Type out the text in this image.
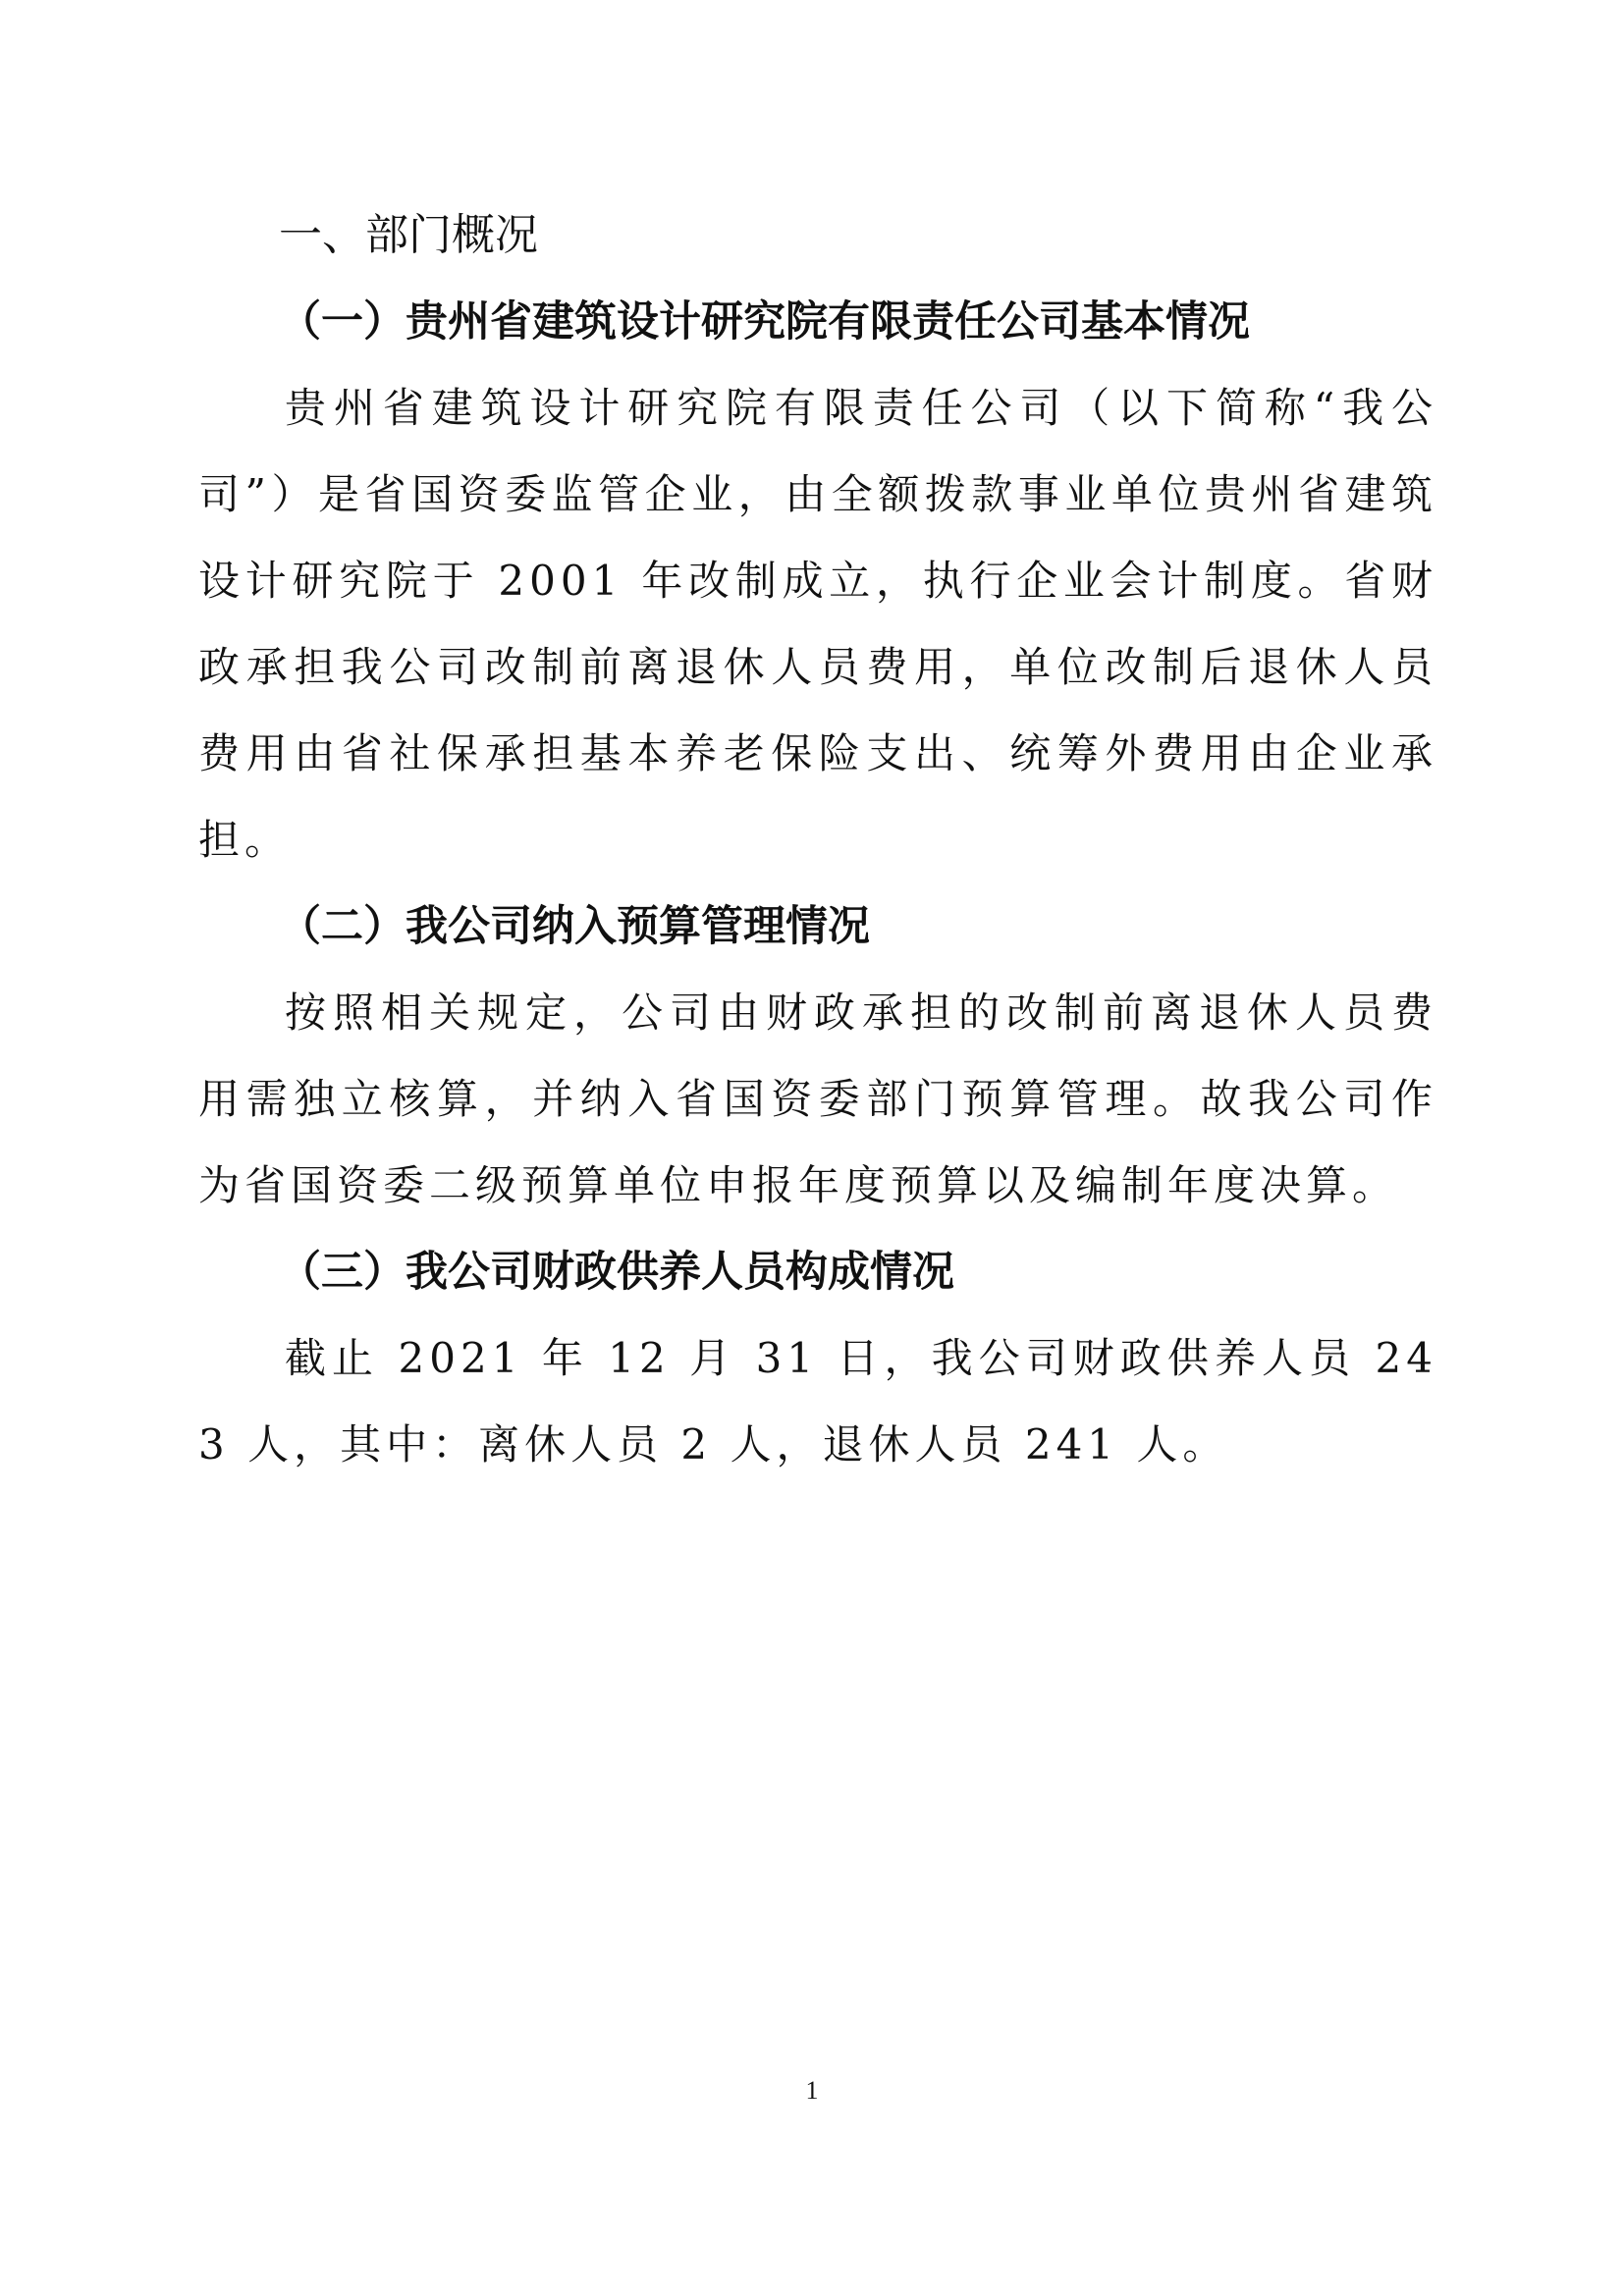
一、部门概况
（一）贵州省建筑设计研究院有限责任公司基本情况

贵州省建筑设计研究院有限责任公司（以下简称“我公司”）是省国资委监管企业，由全额拨款事业单位贵州省建筑设计研究院于 2001 年改制成立，执行企业会计制度。省财政承担我公司改制前离退休人员费用，单位改制后退休人员费用由省社保承担基本养老保险支出、统筹外费用由企业承担。

（二）我公司纳入预算管理情况

按照相关规定，公司由财政承担的改制前离退休人员费用需独立核算，并纳入省国资委部门预算管理。故我公司作为省国资委二级预算单位申报年度预算以及编制年度决算。

（三）我公司财政供养人员构成情况

截止 2021 年 12 月 31 日，我公司财政供养人员 243 人，其中：离休人员 2 人，退休人员 241 人。

1
